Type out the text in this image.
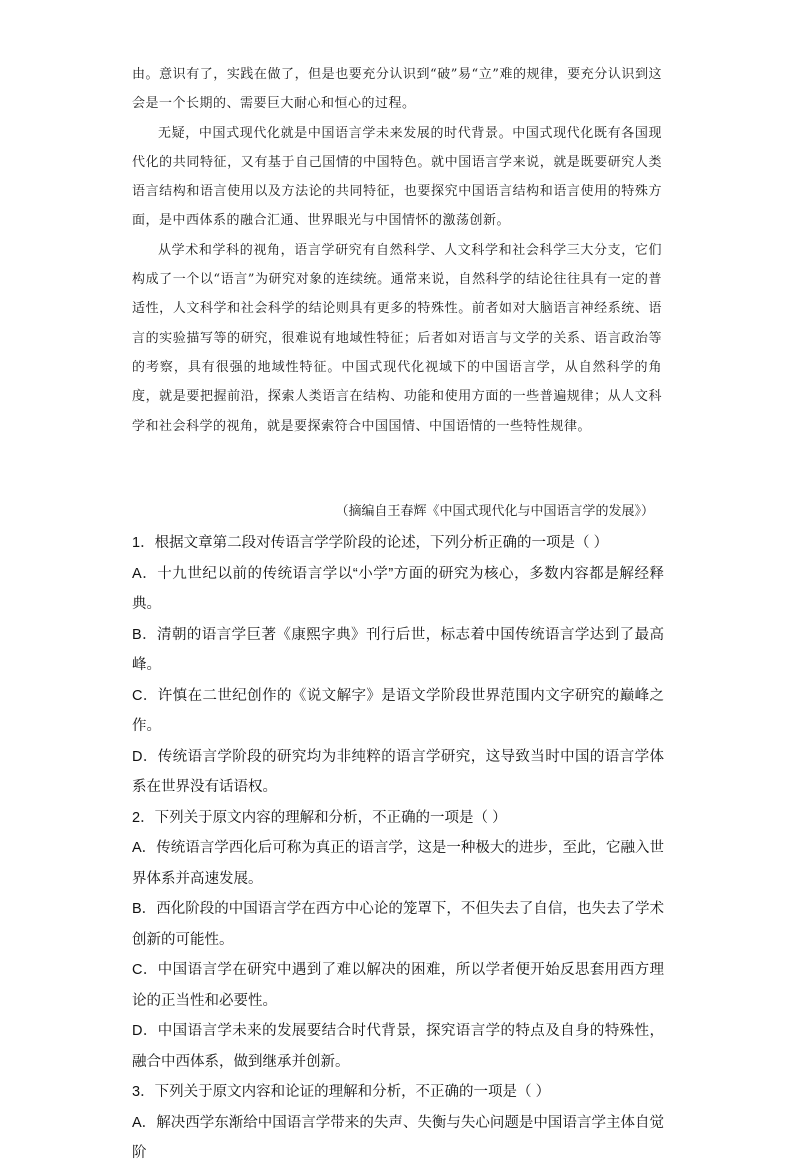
由。意识有了，实践在做了，但是也要充分认识到“破”易“立”难的规律，要充分认识到这会是一个长期的、需要巨大耐心和恒心的过程。

无疑，中国式现代化就是中国语言学未来发展的时代背景。中国式现代化既有各国现代化的共同特征，又有基于自己国情的中国特色。就中国语言学来说，就是既要研究人类语言结构和语言使用以及方法论的共同特征，也要探究中国语言结构和语言使用的特殊方面，是中西体系的融合汇通、世界眼光与中国情怀的激荡创新。

从学术和学科的视角，语言学研究有自然科学、人文科学和社会科学三大分支，它们构成了一个以“语言”为研究对象的连续统。通常来说，自然科学的结论往往具有一定的普适性，人文科学和社会科学的结论则具有更多的特殊性。前者如对大脑语言神经系统、语言的实验描写等的研究，很难说有地域性特征；后者如对语言与文学的关系、语言政治等的考察，具有很强的地域性特征。中国式现代化视域下的中国语言学，从自然科学的角度，就是要把握前沿，探索人类语言在结构、功能和使用方面的一些普遍规律；从人文科学和社会科学的视角，就是要探索符合中国国情、中国语情的一些特性规律。

（摘编自王春辉《中国式现代化与中国语言学的发展》）

1．根据文章第二段对传语言学学阶段的论述，下列分析正确的一项是（ ）

A．十九世纪以前的传统语言学以“小学”方面的研究为核心，多数内容都是解经释典。

B．清朝的语言学巨著《康熙字典》刊行后世，标志着中国传统语言学达到了最高峰。

C．许慎在二世纪创作的《说文解字》是语文学阶段世界范围内文字研究的巅峰之作。

D．传统语言学阶段的研究均为非纯粹的语言学研究，这导致当时中国的语言学体系在世界没有话语权。

2．下列关于原文内容的理解和分析，不正确的一项是（ ）

A．传统语言学西化后可称为真正的语言学，这是一种极大的进步，至此，它融入世界体系并高速发展。

B．西化阶段的中国语言学在西方中心论的笼罩下，不但失去了自信，也失去了学术创新的可能性。

C．中国语言学在研究中遇到了难以解决的困难，所以学者便开始反思套用西方理论的正当性和必要性。

D．中国语言学未来的发展要结合时代背景，探究语言学的特点及自身的特殊性，融合中西体系，做到继承并创新。

3．下列关于原文内容和论证的理解和分析，不正确的一项是（ ）

A．解决西学东渐给中国语言学带来的失声、失衡与失心问题是中国语言学主体自觉阶
